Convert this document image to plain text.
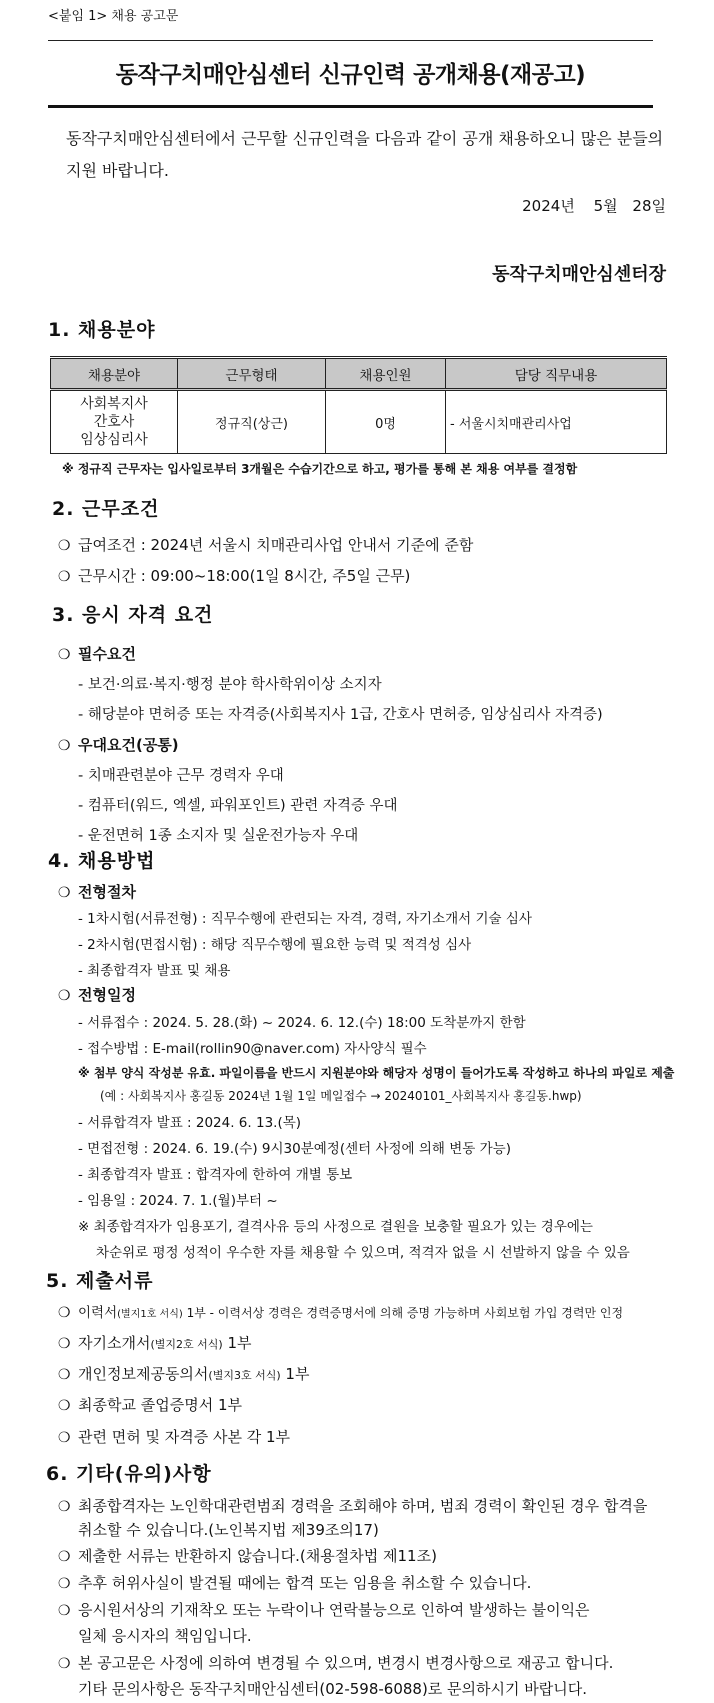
<붙임 1> 채용 공고문
동작구치매안심센터 신규인력 공개채용(재공고)
동작구치매안심센터에서 근무할 신규인력을 다음과 같이 공개 채용하오니 많은 분들의
지원 바랍니다.
2024년 5월 28일
동작구치매안심센터장
1. 채용분야
채용분야	근무형태	채용인원	담당 직무내용

사회복지사
간호사
임상심리사	정규직(상근)	0명	- 서울시치매관리사업
※ 정규직 근무자는 입사일로부터 3개월은 수습기간으로 하고, 평가를 통해 본 채용 여부를 결정함
2. 근무조건
❍ 급여조건 : 2024년 서울시 치매관리사업 안내서 기준에 준함
❍ 근무시간 : 09:00~18:00(1일 8시간, 주5일 근무)
3. 응시 자격 요건
❍ 필수요건
- 보건·의료·복지·행정 분야 학사학위이상 소지자
- 해당분야 면허증 또는 자격증(사회복지사 1급, 간호사 면허증, 임상심리사 자격증)
❍ 우대요건(공통)
- 치매관련분야 근무 경력자 우대
- 컴퓨터(워드, 엑셀, 파워포인트) 관련 자격증 우대
- 운전면허 1종 소지자 및 실운전가능자 우대
4. 채용방법
❍ 전형절차
- 1차시험(서류전형) : 직무수행에 관련되는 자격, 경력, 자기소개서 기술 심사
- 2차시험(면접시험) : 해당 직무수행에 필요한 능력 및 적격성 심사
- 최종합격자 발표 및 채용
❍ 전형일정
- 서류접수 : 2024. 5. 28.(화) ~ 2024. 6. 12.(수) 18:00 도착분까지 한함
- 접수방법 : E-mail(rollin90@naver.com) 자사양식 필수
※ 첨부 양식 작성분 유효. 파일이름을 반드시 지원분야와 해당자 성명이 들어가도록 작성하고 하나의 파일로 제출
(예 : 사회복지사 홍길동 2024년 1월 1일 메일접수 → 20240101_사회복지사 홍길동.hwp)
- 서류합격자 발표 : 2024. 6. 13.(목)
- 면접전형 : 2024. 6. 19.(수) 9시30분예정(센터 사정에 의해 변동 가능)
- 최종합격자 발표 : 합격자에 한하여 개별 통보
- 임용일 : 2024. 7. 1.(월)부터 ~
※ 최종합격자가 임용포기, 결격사유 등의 사정으로 결원을 보충할 필요가 있는 경우에는
차순위로 평정 성적이 우수한 자를 채용할 수 있으며, 적격자 없을 시 선발하지 않을 수 있음
5. 제출서류
❍ 이력서(별지1호 서식) 1부 - 이력서상 경력은 경력증명서에 의해 증명 가능하며 사회보험 가입 경력만 인정
❍ 자기소개서(별지2호 서식) 1부
❍ 개인정보제공동의서(별지3호 서식) 1부
❍ 최종학교 졸업증명서 1부
❍ 관련 면허 및 자격증 사본 각 1부
6. 기타(유의)사항
❍ 최종합격자는 노인학대관련범죄 경력을 조회해야 하며, 범죄 경력이 확인된 경우 합격을
취소할 수 있습니다.(노인복지법 제39조의17)
❍ 제출한 서류는 반환하지 않습니다.(채용절차법 제11조)
❍ 추후 허위사실이 발견될 때에는 합격 또는 임용을 취소할 수 있습니다.
❍ 응시원서상의 기재착오 또는 누락이나 연락불능으로 인하여 발생하는 불이익은
일체 응시자의 책임입니다.
❍ 본 공고문은 사정에 의하여 변경될 수 있으며, 변경시 변경사항으로 재공고 합니다.
기타 문의사항은 동작구치매안심센터(02-598-6088)로 문의하시기 바랍니다.
